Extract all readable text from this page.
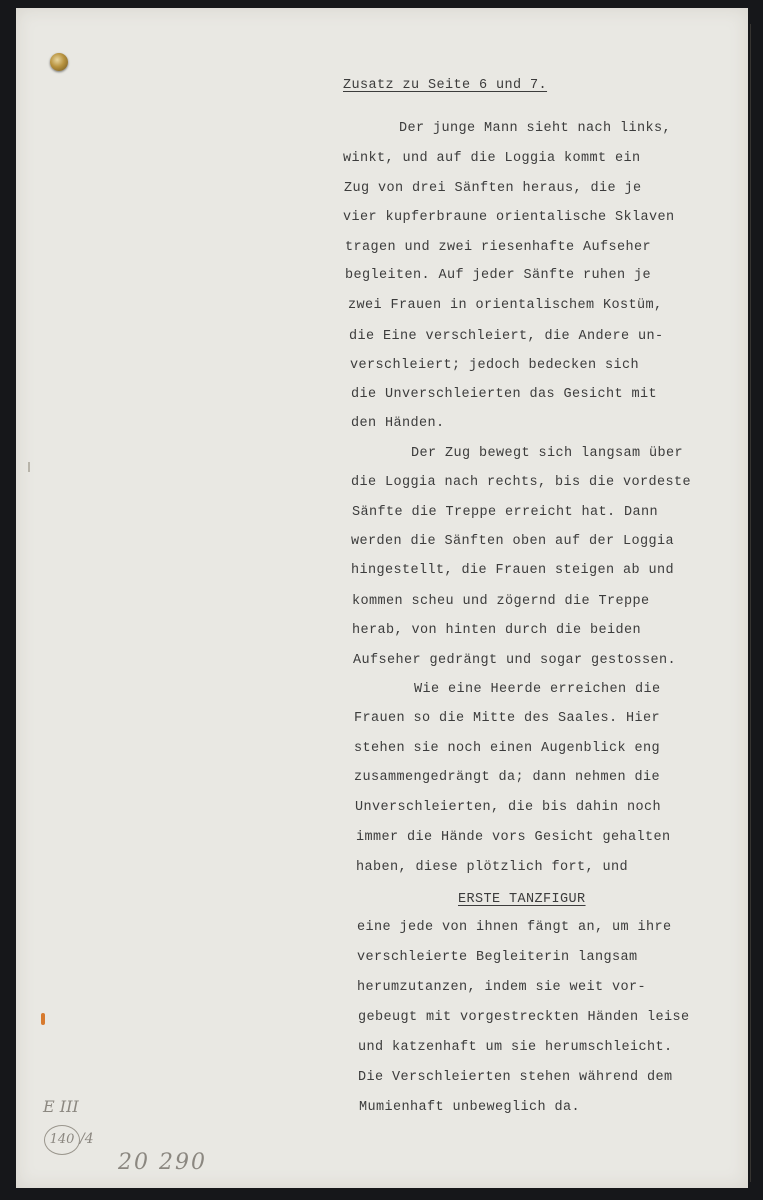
Zusatz zu Seite 6 und 7.
Der junge Mann sieht nach links,
winkt, und auf die Loggia kommt ein
Zug von drei Sänften heraus, die je
vier kupferbraune orientalische Sklaven
tragen und zwei riesenhafte Aufseher
begleiten. Auf jeder Sänfte ruhen je
zwei Frauen in orientalischem Kostüm,
die Eine verschleiert, die Andere un-
verschleiert; jedoch bedecken sich
die Unverschleierten das Gesicht mit
den Händen.
Der Zug bewegt sich langsam über
die Loggia nach rechts, bis die vordeste
Sänfte die Treppe erreicht hat. Dann
werden die Sänften oben auf der Loggia
hingestellt, die Frauen steigen ab und
kommen scheu und zögernd die Treppe
herab, von hinten durch die beiden
Aufseher gedrängt und sogar gestossen.
Wie eine Heerde erreichen die
Frauen so die Mitte des Saales. Hier
stehen sie noch einen Augenblick eng
zusammengedrängt da; dann nehmen die
Unverschleierten, die bis dahin noch
immer die Hände vors Gesicht gehalten
haben, diese plötzlich fort, und
ERSTE TANZFIGUR
eine jede von ihnen fängt an, um ihre
verschleierte Begleiterin langsam
herumzutanzen, indem sie weit vor-
gebeugt mit vorgestreckten Händen leise
und katzenhaft um sie herumschleicht.
Die Verschleierten stehen während dem
Mumienhaft unbeweglich da.
E III
140 /4
20 290
